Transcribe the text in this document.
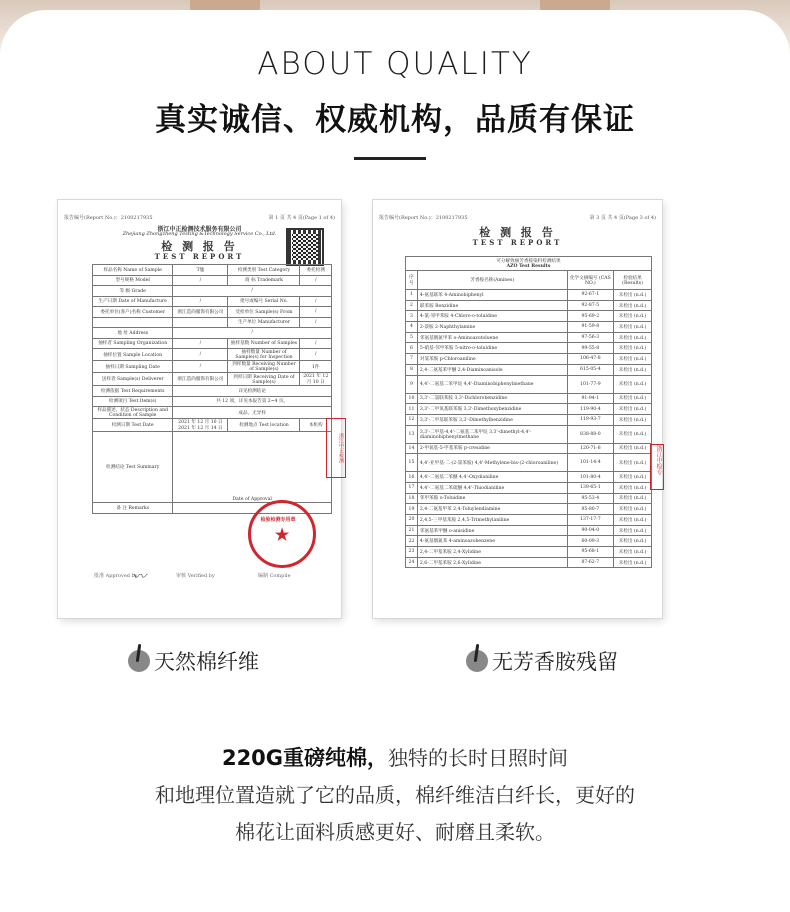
ABOUT QUALITY
真实诚信、权威机构，品质有保证
报告编号(Report No.)：2100217935	第 1 页 共 4 页(Page 1 of 4)
浙江中正检测技术服务有限公司
Zhejiang Zhongzheng Testing &Technology Service Co., Ltd.
检 测 报 告
TEST REPORT
样品名称 Name of Sample	T恤	检测类别 Test Category	委托检测
型号规格 Model	/	商 标 Trademark	/
等 级 Grade	/		
生产日期 Date of Manufacture	/	批号或编号 Serial No.	/
委托单位(客户)名称 Customer	浙江造尚服饰有限公司	受检单位 Sample(s) From	/
		生产单位 Manufacturer	/
地 址 Address	/		
抽样者 Sampling Organization	/	抽样基数 Number of Samples	/
抽样位置 Sample Location	/	抽样数量 Number of Sample(s) for Inspection	/
抽样日期 Sampling Date	/	到样数量 Receiving Number of Sample(s)	1件
送样者 Sample(s) Deliverer	浙江造尚服饰有限公司	到样日期 Receiving Date of Sample(s)	2021 年 12 月 10 日
检测依据 Test Requirements	详见检测结论		
检测项目 Test Item(s)	共 12 项，详见本报告第 2~4 页。		
样品描述、状态 Description and Condition of Sample	成品、无异样		
检测日期 Test Date	2021 年 12 月 10 日 2021 年 12 月 14 日	检测地点 Test location	本机构
检测结论 Test Summary	Date of Approval		
备 注 Remarks			
★
检验检测专用章
浙江中正检测
批准 Approved by
〰	审核 Verified by	编制 Compile
报告编号(Report No.)：2100217935	第 3 页 共 4 页(Page 3 of 4)
检 测 报 告
TEST REPORT
可分解致癌芳香胺染料检测结果
AZO Test Results			

序号	芳香胺名称(Amines)	化学文摘编号 (CAS NO.)	检验结果(Results)
1	4-氨基联苯 4-Aminobiphenyl	92-67-1	未检出 (n.d.)
2	联苯胺 Benzidine	92-87-5	未检出 (n.d.)
3	4-氯-邻甲苯胺 4-Chloro-o-toluidine	95-69-2	未检出 (n.d.)
4	2-萘胺 2-Naphthylamine	91-59-8	未检出 (n.d.)
5	邻氨基偶氮甲苯 o-Aminoazotoluene	97-56-3	未检出 (n.d.)
6	5-硝基-邻甲苯胺 5-nitro-o-toluidine	99-55-8	未检出 (n.d.)
7	对氯苯胺 p-Chloroaniline	106-47-8	未检出 (n.d.)
8	2,4-二氨基苯甲醚 2,4-Diaminoanisole	615-05-4	未检出 (n.d.)
9	4,4'-二氨基二苯甲烷 4,4'-Diaminobiphenylmethane	101-77-9	未检出 (n.d.)
10	3,3'-二氯联苯胺 3,3'-Dichlorobenzidine	91-94-1	未检出 (n.d.)
11	3,3'-二甲氧基联苯胺 3,3'-Dimethoxybenzidine	119-90-4	未检出 (n.d.)
12	3,3'-二甲基联苯胺 3,3'-Dimethylbenzidine	119-93-7	未检出 (n.d.)
13	3,3'-二甲基-4,4'-二氨基二苯甲烷 3,3'-dimethyl-4,4'-diaminobiphenylmethane	838-88-0	未检出 (n.d.)
14	2-甲氧基-5-甲基苯胺 p-cresidine	120-71-8	未检出 (n.d.)
15	4,4'-亚甲基-二-(2-氯苯胺) 4,4'-Methylene-bis-(2-chloroaniline)	101-14-4	未检出 (n.d.)
16	4,4'-二氨基二苯醚 4,4'-Oxydianiline	101-80-4	未检出 (n.d.)
17	4,4'-二氨基二苯硫醚 4,4'-Thiodianiline	139-65-1	未检出 (n.d.)
18	邻甲苯胺 o-Toluidine	95-53-4	未检出 (n.d.)
19	2,4-二氨基甲苯 2,4-Toluylendiamine	95-80-7	未检出 (n.d.)
20	2,4,5-三甲基苯胺 2,4,5-Trimethylaniline	137-17-7	未检出 (n.d.)
21	邻氨基苯甲醚 o-anisidine	90-04-0	未检出 (n.d.)
22	4-氨基偶氮苯 4-aminoazobenzene	60-09-3	未检出 (n.d.)
23	2,4-二甲基苯胺 2,4-Xylidine	95-68-1	未检出 (n.d.)
24	2,6-二甲基苯胺 2,6-Xylidine	87-62-7	未检出 (n.d.)
浙江中检专
天然棉纤维	无芳香胺残留
220G重磅纯棉，独特的长时日照时间
和地理位置造就了它的品质，棉纤维洁白纤长，更好的
棉花让面料质感更好、耐磨且柔软。
